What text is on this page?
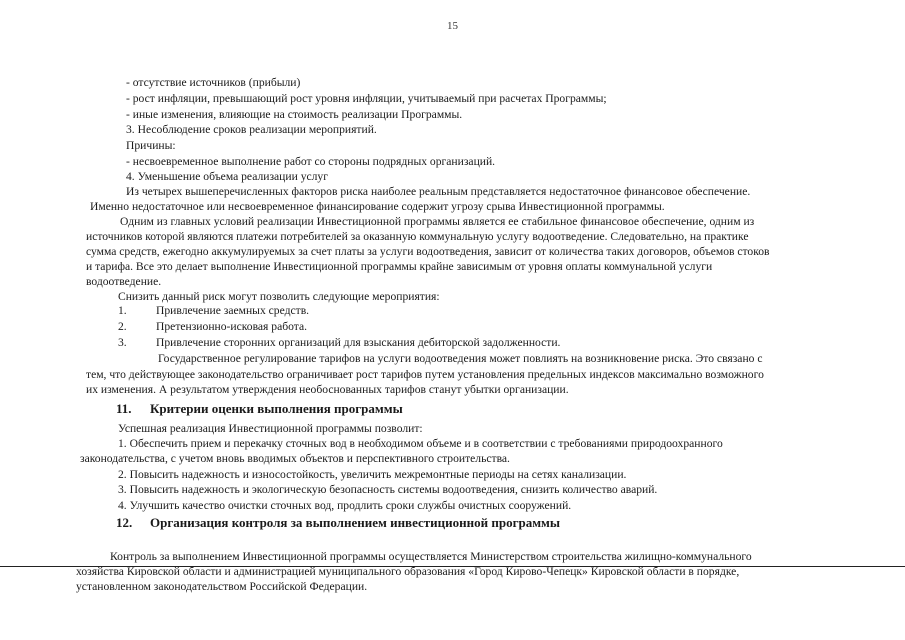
15
- отсутствие источников (прибыли)
- рост инфляции, превышающий рост уровня инфляции, учитываемый при расчетах Программы;
- иные изменения, влияющие на стоимость реализации Программы.
3. Несоблюдение сроков реализации мероприятий.
Причины:
- несвоевременное выполнение работ со стороны подрядных организаций.
4. Уменьшение объема реализации услуг
Из четырех вышеперечисленных факторов риска наиболее реальным представляется недостаточное финансовое обеспечение.
Именно недостаточное или несвоевременное финансирование содержит угрозу срыва Инвестиционной программы.
Одним из главных условий реализации Инвестиционной программы является ее стабильное финансовое обеспечение, одним из
источников которой являются платежи потребителей за оказанную коммунальную услугу водоотведение. Следовательно, на практике
сумма средств, ежегодно аккумулируемых за счет платы за услуги водоотведения, зависит от количества таких договоров, объемов стоков
и тарифа. Все это делает выполнение Инвестиционной программы крайне зависимым от уровня оплаты коммунальной услуги
водоотведение.
Снизить данный риск могут позволить следующие мероприятия:
1.	Привлечение заемных средств.
2.	Претензионно-исковая работа.
3.	Привлечение сторонних организаций для взыскания дебиторской задолженности.
Государственное регулирование тарифов на услуги водоотведения может повлиять на возникновение риска. Это связано с
тем, что действующее законодательство ограничивает рост тарифов путем установления предельных индексов максимально возможного
их изменения. А результатом утверждения необоснованных тарифов станут убытки организации.
11. Критерии оценки выполнения программы
Успешная реализация Инвестиционной программы позволит:
1. Обеспечить прием и перекачку сточных вод в необходимом объеме и в соответствии с требованиями природоохранного
законодательства, с учетом вновь вводимых объектов и перспективного строительства.
2. Повысить надежность и износостойкость, увеличить межремонтные периоды на сетях канализации.
3. Повысить надежность и экологическую безопасность системы водоотведения, снизить количество аварий.
4. Улучшить качество очистки сточных вод, продлить сроки службы очистных сооружений.
12. Организация контроля за выполнением инвестиционной программы
Контроль за выполнением Инвестиционной программы осуществляется Министерством строительства жилищно-коммунального
хозяйства Кировской области и администрацией муниципального образования «Город Кирово-Чепецк» Кировской области в порядке,
установленном законодательством Российской Федерации.
